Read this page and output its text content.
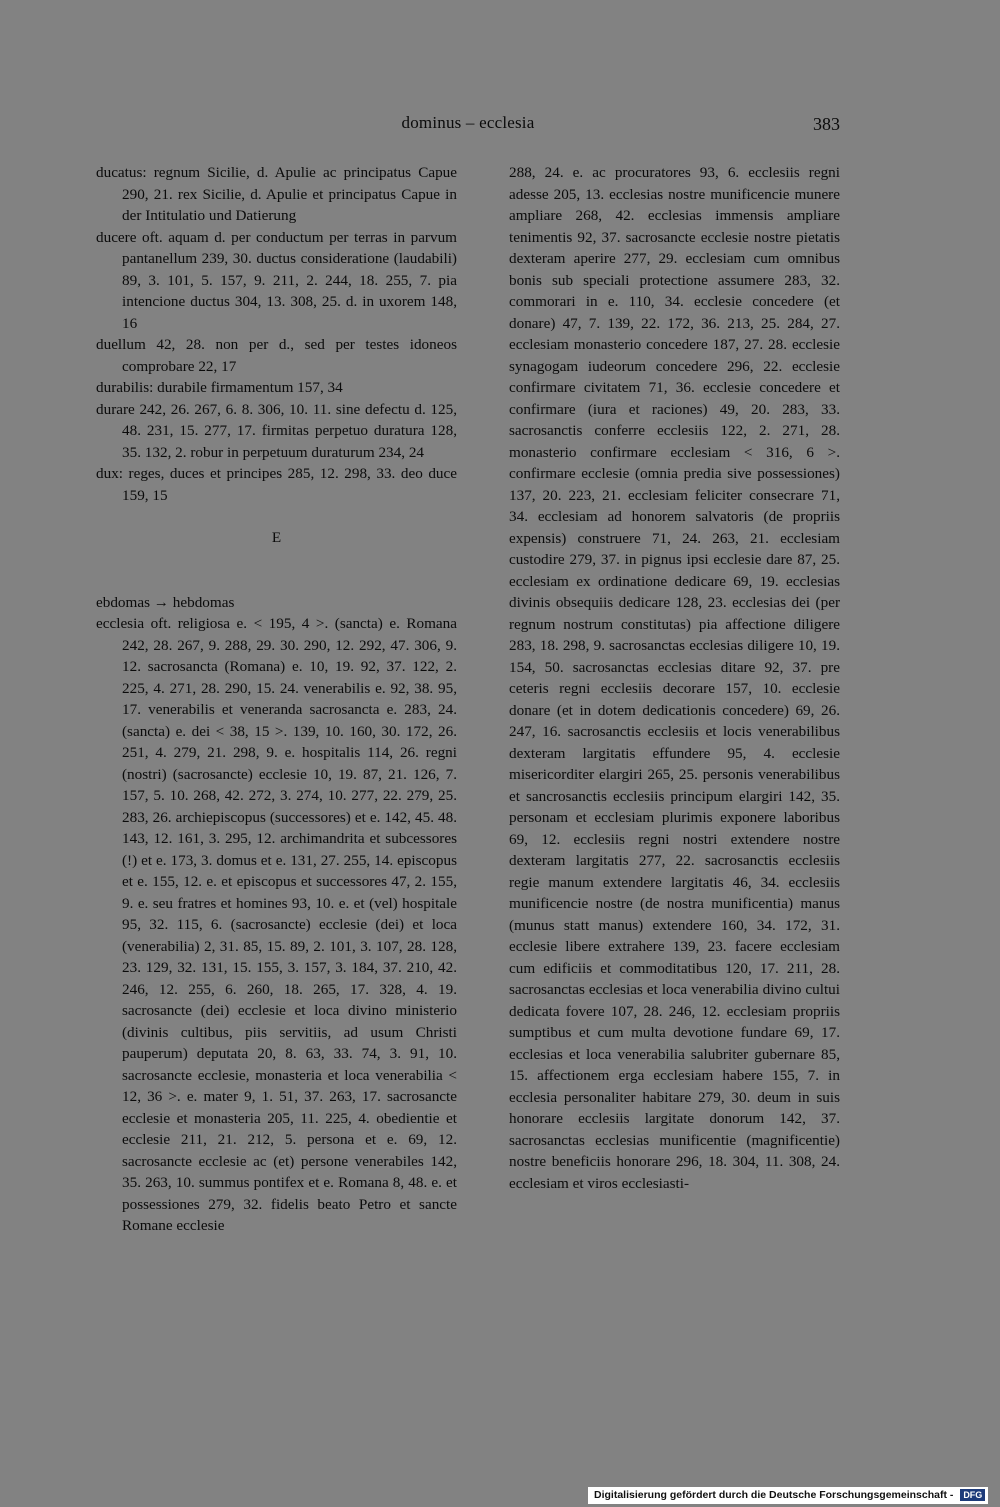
dominus – ecclesia	383
ducatus: regnum Sicilie, d. Apulie ac principatus Capue 290, 21. rex Sicilie, d. Apulie et principatus Capue in der Intitulatio und Datierung
ducere oft. aquam d. per conductum per terras in parvum pantanellum 239, 30. ductus consideratione (laudabili) 89, 3. 101, 5. 157, 9. 211, 2. 244, 18. 255, 7. pia intencione ductus 304, 13. 308, 25. d. in uxorem 148, 16
duellum 42, 28. non per d., sed per testes idoneos comprobare 22, 17
durabilis: durabile firmamentum 157, 34
durare 242, 26. 267, 6. 8. 306, 10. 11. sine defectu d. 125, 48. 231, 15. 277, 17. firmitas perpetuo duratura 128, 35. 132, 2. robur in perpetuum duraturum 234, 24
dux: reges, duces et principes 285, 12. 298, 33. deo duce 159, 15
E
ebdomas → hebdomas
ecclesia oft. religiosa e. < 195, 4 >. (sancta) e. Romana 242, 28. 267, 9. 288, 29. 30. 290, 12. 292, 47. 306, 9. 12. sacrosancta (Romana) e. 10, 19. 92, 37. 122, 2. 225, 4. 271, 28. 290, 15. 24. venerabilis e. 92, 38. 95, 17. venerabilis et veneranda sacrosancta e. 283, 24. (sancta) e. dei < 38, 15 >. 139, 10. 160, 30. 172, 26. 251, 4. 279, 21. 298, 9. e. hospitalis 114, 26. regni (nostri) (sacrosancte) ecclesie 10, 19. 87, 21. 126, 7. 157, 5. 10. 268, 42. 272, 3. 274, 10. 277, 22. 279, 25. 283, 26. archiepiscopus (successores) et e. 142, 45. 48. 143, 12. 161, 3. 295, 12. archimandrita et subcessores (!) et e. 173, 3. domus et e. 131, 27. 255, 14. episcopus et e. 155, 12. e. et episcopus et successores 47, 2. 155, 9. e. seu fratres et homines 93, 10. e. et (vel) hospitale 95, 32. 115, 6. (sacrosancte) ecclesie (dei) et loca (venerabilia) 2, 31. 85, 15. 89, 2. 101, 3. 107, 28. 128, 23. 129, 32. 131, 15. 155, 3. 157, 3. 184, 37. 210, 42. 246, 12. 255, 6. 260, 18. 265, 17. 328, 4. 19. sacrosancte (dei) ecclesie et loca divino ministerio (divinis cultibus, piis servitiis, ad usum Christi pauperum) deputata 20, 8. 63, 33. 74, 3. 91, 10. sacrosancte ecclesie, monasteria et loca venerabilia < 12, 36 >. e. mater 9, 1. 51, 37. 263, 17. sacrosancte ecclesie et monasteria 205, 11. 225, 4. obedientie et ecclesie 211, 21. 212, 5. persona et e. 69, 12. sacrosancte ecclesie ac (et) persone venerabiles 142, 35. 263, 10. summus pontifex et e. Romana 8, 48. e. et possessiones 279, 32. fidelis beato Petro et sancte Romane ecclesie
288, 24. e. ac procuratores 93, 6. ecclesiis regni adesse 205, 13. ecclesias nostre munificencie munere ampliare 268, 42. ecclesias immensis ampliare tenimentis 92, 37. sacrosancte ecclesie nostre pietatis dexteram aperire 277, 29. ecclesiam cum omnibus bonis sub speciali protectione assumere 283, 32. commorari in e. 110, 34. ecclesie concedere (et donare) 47, 7. 139, 22. 172, 36. 213, 25. 284, 27. ecclesiam monasterio concedere 187, 27. 28. ecclesie synagogam iudeorum concedere 296, 22. ecclesie confirmare civitatem 71, 36. ecclesie concedere et confirmare (iura et raciones) 49, 20. 283, 33. sacrosanctis conferre ecclesiis 122, 2. 271, 28. monasterio confirmare ecclesiam < 316, 6 >. confirmare ecclesie (omnia predia sive possessiones) 137, 20. 223, 21. ecclesiam feliciter consecrare 71, 34. ecclesiam ad honorem salvatoris (de propriis expensis) construere 71, 24. 263, 21. ecclesiam custodire 279, 37. in pignus ipsi ecclesie dare 87, 25. ecclesiam ex ordinatione dedicare 69, 19. ecclesias divinis obsequiis dedicare 128, 23. ecclesias dei (per regnum nostrum constitutas) pia affectione diligere 283, 18. 298, 9. sacrosanctas ecclesias diligere 10, 19. 154, 50. sacrosanctas ecclesias ditare 92, 37. pre ceteris regni ecclesiis decorare 157, 10. ecclesie donare (et in dotem dedicationis concedere) 69, 26. 247, 16. sacrosanctis ecclesiis et locis venerabilibus dexteram largitatis effundere 95, 4. ecclesie misericorditer elargiri 265, 25. personis venerabilibus et sancrosanctis ecclesiis principum elargiri 142, 35. personam et ecclesiam plurimis exponere laboribus 69, 12. ecclesiis regni nostri extendere nostre dexteram largitatis 277, 22. sacrosanctis ecclesiis regie manum extendere largitatis 46, 34. ecclesiis munificencie nostre (de nostra munificentia) manus (munus statt manus) extendere 160, 34. 172, 31. ecclesie libere extrahere 139, 23. facere ecclesiam cum edificiis et commoditatibus 120, 17. 211, 28. sacrosanctas ecclesias et loca venerabilia divino cultui dedicata fovere 107, 28. 246, 12. ecclesiam propriis sumptibus et cum multa devotione fundare 69, 17. ecclesias et loca venerabilia salubriter gubernare 85, 15. affectionem erga ecclesiam habere 155, 7. in ecclesia personaliter habitare 279, 30. deum in suis honorare ecclesiis largitate donorum 142, 37. sacrosanctas ecclesias munificentie (magnificentie) nostre beneficiis honorare 296, 18. 304, 11. 308, 24. ecclesiam et viros ecclesiasti-
Digitalisierung gefördert durch die Deutsche Forschungsgemeinschaft - DFG
